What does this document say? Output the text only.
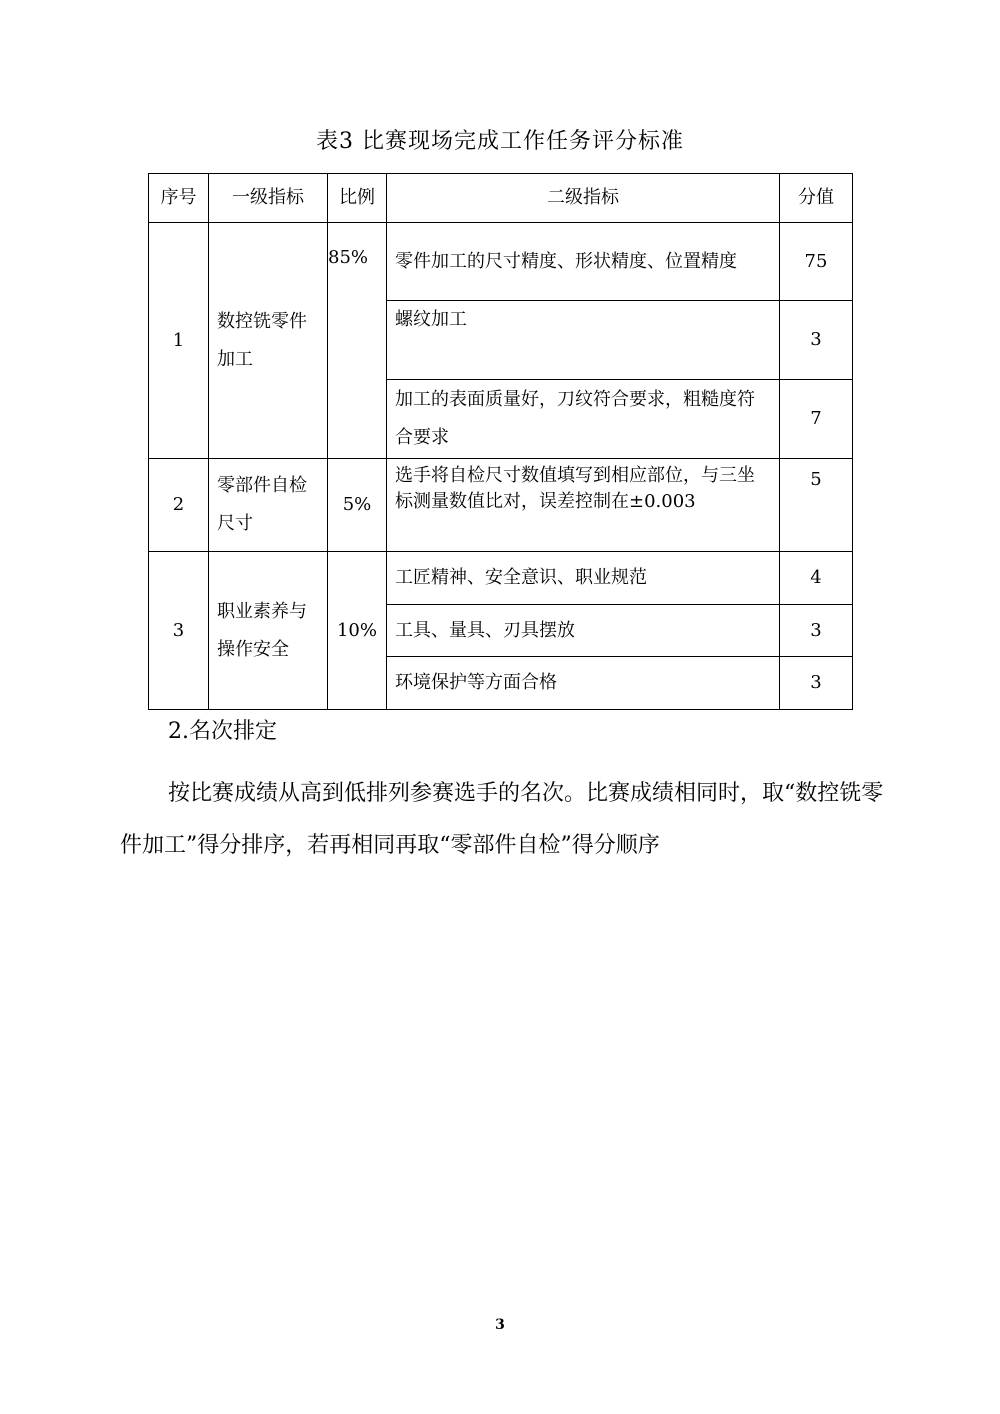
表3 比赛现场完成工作任务评分标准
序号	一级指标	比例	二级指标	分值
1	数控铣零件加工	85%	零件加工的尺寸精度、形状精度、位置精度	75
			螺纹加工	3
			加工的表面质量好，刀纹符合要求，粗糙度符合要求	7
2	零部件自检尺寸	5%	选手将自检尺寸数值填写到相应部位，与三坐标测量数值比对，误差控制在±0.003	5
3	职业素养与操作安全	10%	工匠精神、安全意识、职业规范	4
			工具、量具、刃具摆放	3
			环境保护等方面合格	3
2.名次排定
按比赛成绩从高到低排列参赛选手的名次。比赛成绩相同时，取“数控铣零件加工”得分排序，若再相同再取“零部件自检”得分顺序
3
